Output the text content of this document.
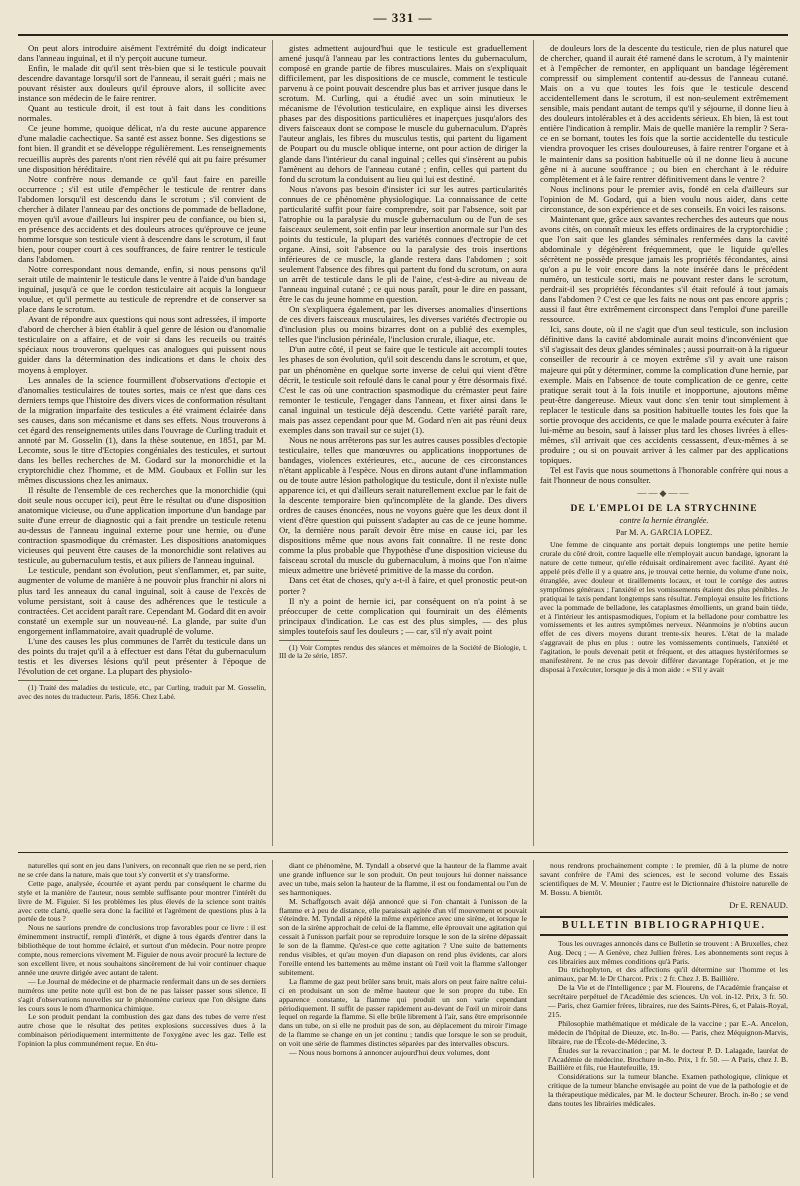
— 331 —

On peut alors introduire aisément l'extrémité du doigt indicateur dans l'anneau inguinal, et il n'y perçoit aucune tumeur.

Enfin, le malade dit qu'il sent très-bien que si le testicule pouvait descendre davantage lorsqu'il sort de l'anneau, il serait guéri ; mais ne pouvant résister aux douleurs qu'il éprouve alors, il sollicite avec instance son médecin de le faire rentrer.

Quant au testicule droit, il est tout à fait dans les conditions normales.

Ce jeune homme, quoique délicat, n'a du reste aucune apparence d'une maladie cachectique. Sa santé est assez bonne. Ses digestions se font bien. Il grandit et se développe régulièrement. Les renseignements recueillis auprès des parents n'ont rien révélé qui ait pu faire présumer une disposition héréditaire.

Notre confrère nous demande ce qu'il faut faire en pareille occurrence ; s'il est utile d'empêcher le testicule de rentrer dans l'abdomen lorsqu'il est descendu dans le scrotum ; s'il convient de chercher à dilater l'anneau par des onctions de pommade de belladone, moyen qu'il avoue d'ailleurs lui inspirer peu de confiance, ou bien si, en présence des accidents et des douleurs atroces qu'éprouve ce jeune homme lorsque son testicule vient à descendre dans le scrotum, il faut bien, pour couper court à ces souffrances, de faire rentrer le testicule dans l'abdomen.

Notre correspondant nous demande, enfin, si nous pensons qu'il serait utile de maintenir le testicule dans le ventre à l'aide d'un bandage inguinal, jusqu'à ce que le cordon testiculaire ait acquis la longueur voulue, et qu'il permette au testicule de reprendre et de conserver sa place dans le scrotum.

Avant de répondre aux questions qui nous sont adressées, il importe d'abord de chercher à bien établir à quel genre de lésion ou d'anomalie testiculaire on a affaire, et de voir si dans les recueils ou traités spéciaux nous trouverons quelques cas analogues qui puissent nous guider dans la détermination des indications et dans le choix des moyens à employer.

Les annales de la science fourmillent d'observations d'ectopie et d'anomalies testiculaires de toutes sortes, mais ce n'est que dans ces derniers temps que l'histoire des divers vices de conformation résultant de la migration imparfaite des testicules a été vraiment éclairée dans ses causes, dans son mécanisme et dans ses effets. Nous trouverons à cet égard des renseignements utiles dans l'ouvrage de Curling traduit et annoté par M. Gosselin (1), dans la thèse soutenue, en 1851, par M. Lecomte, sous le titre d'Ectopies congéniales des testicules, et surtout dans les belles recherches de M. Godard sur la monorchidie et la cryptorchidie chez l'homme, et de MM. Goubaux et Follin sur les mêmes discussions chez les animaux.

Il résulte de l'ensemble de ces recherches que la monorchidie (qui doit seule nous occuper ici), peut être le résultat ou d'une disposition anatomique vicieuse, ou d'une application importune d'un bandage par suite d'une erreur de diagnostic qui a fait prendre un testicule retenu au-dessus de l'anneau inguinal externe pour une hernie, ou d'une contraction spasmodique du crémaster. Les dispositions anatomiques vicieuses qui peuvent être causes de la monorchidie sont relatives au testicule, au gubernaculum testis, et aux piliers de l'anneau inguinal.

Le testicule, pendant son évolution, peut s'enflammer, et, par suite, augmenter de volume de manière à ne pouvoir plus franchir ni alors ni plus tard les anneaux du canal inguinal, soit à cause de l'excès de volume persistant, soit à cause des adhérences que le testicule a contractées. Cet accident paraît rare. Cependant M. Godard dit en avoir constaté un exemple sur un nouveau-né. La glande, par suite d'un engorgement inflammatoire, avait quadruplé de volume.

L'une des causes les plus communes de l'arrêt du testicule dans un des points du trajet qu'il a à effectuer est dans l'état du gubernaculum testis et les diverses lésions qu'il peut présenter à l'époque de l'évolution de cet organe. La plupart des physiolo-

(1) Traité des maladies du testicule, etc., par Curling, traduit par M. Gosselin, avec des notes du traducteur. Paris, 1856. Chez Labé.

gistes admettent aujourd'hui que le testicule est graduellement amené jusqu'à l'anneau par les contractions lentes du gubernaculum, composé en grande partie de fibres musculaires. Mais on s'expliquait difficilement, par les dispositions de ce muscle, comment le testicule parvenu à ce point pouvait descendre plus bas et arriver jusque dans le scrotum. M. Curling, qui a étudié avec un soin minutieux le mécanisme de l'évolution testiculaire, en explique ainsi les diverses phases par des dispositions particulières et inaperçues jusqu'alors des divers faisceaux dont se compose le muscle du gubernaculum. D'après l'auteur anglais, les fibres du musculus testis, qui partent du ligament de Poupart ou du muscle oblique interne, ont pour action de diriger la glande dans l'intérieur du canal inguinal ; celles qui s'insèrent au pubis l'amènent au dehors de l'anneau cutané ; enfin, celles qui partent du fond du scrotum la conduisent au lieu qui lui est destiné.

Nous n'avons pas besoin d'insister ici sur les autres particularités connues de ce phénomène physiologique. La connaissance de cette particularité suffit pour faire comprendre, soit par l'absence, soit par l'atrophie ou la paralysie du muscle gubernaculum ou de l'un de ses faisceaux seulement, soit enfin par leur insertion anormale sur l'un des points du testicule, la plupart des variétés connues d'ectropie de cet organe. Ainsi, soit l'absence ou la paralysie des trois insertions inférieures de ce muscle, la glande restera dans l'abdomen ; soit seulement l'absence des fibres qui partent du fond du scrotum, on aura un arrêt de testicule dans le pli de l'aine, c'est-à-dire au niveau de l'anneau inguinal cutané ; ce qui nous paraît, pour le dire en passant, être le cas du jeune homme en question.

On s'expliquera également, par les diverses anomalies d'insertions de ces divers faisceaux musculaires, les diverses variétés d'ectropie ou d'inclusion plus ou moins bizarres dont on a publié des exemples, telles que l'inclusion périnéale, l'inclusion crurale, iliaque, etc.

D'un autre côté, il peut se faire que le testicule ait accompli toutes les phases de son évolution, qu'il soit descendu dans le scrotum, et que, par un phénomène en quelque sorte inverse de celui qui vient d'être décrit, le testicule soit refoulé dans le canal pour y être désormais fixé. C'est le cas où une contraction spasmodique du crémaster peut faire remonter le testicule, l'engager dans l'anneau, et fixer ainsi dans le canal inguinal un testicule déjà descendu. Cette variété paraît rare, mais pas assez cependant pour que M. Godard n'en ait pas réuni deux exemples dans son travail sur ce sujet (1).

Nous ne nous arrêterons pas sur les autres causes possibles d'ectopie testiculaire, telles que manœuvres ou applications inopportunes de bandages, violences extérieures, etc., aucune de ces circonstances n'étant applicable à l'espèce. Nous en dirons autant d'une inflammation ou de toute autre lésion pathologique du testicule, dont il n'existe nulle apparence ici, et qui d'ailleurs serait naturellement exclue par le fait de la descente temporaire bien qu'incomplète de la glande. Des divers ordres de causes énoncées, nous ne voyons guère que les deux dont il vient d'être question qui puissent s'adapter au cas de ce jeune homme. Or, la dernière nous paraît devoir être mise en cause ici, par les dispositions même que nous avons fait connaître. Il ne reste donc comme la plus probable que l'hypothèse d'une disposition vicieuse du faisceau scrotal du muscle du gubernaculum, à moins que l'on n'aime mieux admettre une brièveté primitive de la masse du cordon.

Dans cet état de choses, qu'y a-t-il à faire, et quel pronostic peut-on porter ?

Il n'y a point de hernie ici, par conséquent on n'a point à se préoccuper de cette complication qui fournirait un des éléments principaux d'indication. Le cas est des plus simples, — des plus simples toutefois sauf les douleurs ; — car, s'il n'y avait point

(1) Voir Comptes rendus des séances et mémoires de la Société de Biologie, t. III de la 2e série, 1857.

de douleurs lors de la descente du testicule, rien de plus naturel que de chercher, quand il aurait été ramené dans le scrotum, à l'y maintenir et à l'empêcher de remonter, en appliquant un bandage légèrement compressif ou simplement contentif au-dessus de l'anneau cutané. Mais on a vu que toutes les fois que le testicule descend accidentellement dans le scrotum, il est non-seulement extrêmement sensible, mais pendant autant de temps qu'il y séjourne, il donne lieu à des douleurs intolérables et à des accidents sérieux. Eh bien, là est tout entière l'indication à remplir. Mais de quelle manière la remplir ? Sera-ce en se bornant, toutes les fois que la sortie accidentelle du testicule viendra provoquer les crises douloureuses, à faire rentrer l'organe et à le maintenir dans sa position habituelle où il ne donne lieu à aucune gêne ni à aucune souffrance ; ou bien en cherchant à le réduire complètement et à le faire rentrer définitivement dans le ventre ?

Nous inclinons pour le premier avis, fondé en cela d'ailleurs sur l'opinion de M. Godard, qui a bien voulu nous aider, dans cette circonstance, de son expérience et de ses conseils. En voici les raisons.

Maintenant que, grâce aux savantes recherches des auteurs que nous avons cités, on connaît mieux les effets ordinaires de la cryptorchidie ; que l'on sait que les glandes séminales renfermées dans la cavité abdominale y dégénèrent fréquemment, que le liquide qu'elles sécrètent ne possède presque jamais les propriétés fécondantes, ainsi qu'on a pu le voir encore dans la note insérée dans le précédent numéro, un testicule sorti, mais ne pouvant rester dans le scrotum, perdrait-il ses propriétés fécondantes s'il était refoulé à tout jamais dans l'abdomen ? C'est ce que les faits ne nous ont pas encore appris ; aussi il faut être extrêmement circonspect dans l'emploi d'une pareille ressource.

Ici, sans doute, où il ne s'agit que d'un seul testicule, son inclusion définitive dans la cavité abdominale aurait moins d'inconvénient que s'il s'agissait des deux glandes séminales ; aussi pourrait-on à la rigueur conseiller de recourir à ce moyen extrême s'il y avait une raison majeure qui pût y déterminer, comme la complication d'une hernie, par exemple. Mais en l'absence de toute complication de ce genre, cette pratique serait tout à la fois inutile et inopportune, ajoutons même peut-être dangereuse. Mieux vaut donc s'en tenir tout simplement à replacer le testicule dans sa position habituelle toutes les fois que la sortie provoque des accidents, ce que le malade pourra exécuter à faire lui-même au besoin, sauf à laisser plus tard les choses livrées à elles-mêmes, s'il arrivait que ces accidents cessassent, d'eux-mêmes à se produire ; ou si on pouvait arriver à les calmer par des applications topiques.

Tel est l'avis que nous soumettons à l'honorable confrère qui nous a fait l'honneur de nous consulter.

——◆——
DE L'EMPLOI DE LA STRYCHNINE
contre la hernie étranglée.
Par M. A. GARCIA LOPEZ.

Une femme de cinquante ans portait depuis longtemps une petite hernie crurale du côté droit, contre laquelle elle n'employait aucun bandage, ignorant la nature de cette tumeur, qu'elle réduisait ordinairement avec facilité. Ayant été appelé près d'elle il y a quatre ans, je trouvai cette hernie, du volume d'une noix, étranglée, avec douleur et tiraillements locaux, et tout le cortège des autres symptômes généraux ; l'anxiété et les vomissements étaient des plus pénibles. Je pratiquai le taxis pendant longtemps sans résultat. J'employai ensuite les frictions avec la pommade de belladone, les cataplasmes émollients, un grand bain tiède, et à l'intérieur les antispasmodiques, l'opium et la belladone pour combattre les vomissements et les autres symptômes nerveux. Néanmoins je n'obtins aucun effet de ces divers moyens durant trente-six heures. L'état de la malade s'aggravait de plus en plus : outre les vomissements continuels, l'anxiété et l'agitation, le pouls devenait petit et fréquent, et des attaques hystériformes se manifestèrent. Je ne crus pas devoir différer davantage l'opération, et je me disposai à l'exécuter, lorsque je dis à mon aide : « S'il y avait

naturelles qui sont en jeu dans l'univers, on reconnaît que rien ne se perd, rien ne se crée dans la nature, mais que tout s'y convertit et s'y transforme.

Cette page, analysée, écourtée et ayant perdu par conséquent le charme du style et la manière de l'auteur, nous semble suffisante pour montrer l'intérêt du livre de M. Figuier. Si les problèmes les plus élevés de la science sont traités avec cette clarté, quelle sera donc la facilité et l'agrément de questions plus à la portée de tous ?

Nous ne saurions prendre de conclusions trop favorables pour ce livre : il est éminemment instructif, rempli d'intérêt, et digne à tous égards d'entrer dans la bibliothèque de tout homme éclairé, et surtout d'un médecin. Pour notre propre compte, nous remercions vivement M. Figuier de nous avoir procuré la lecture de son excellent livre, et nous souhaitons sincèrement de lui voir continuer chaque année une œuvre dirigée avec autant de talent.

— Le Journal de médecine et de pharmacie renfermait dans un de ses derniers numéros une petite note qu'il est bon de ne pas laisser passer sous silence. Il s'agit d'observations nouvelles sur le phénomène curieux que l'on désigne dans les cours sous le nom d'harmonica chimique.

Le son produit pendant la combustion des gaz dans des tubes de verre n'est autre chose que le résultat des petites explosions successives dues à la combinaison périodiquement intermittente de l'oxygène avec les gaz. Telle est l'opinion la plus communément reçue. En étu-

diant ce phénomène, M. Tyndall a observé que la hauteur de la flamme avait une grande influence sur le son produit. On peut toujours lui donner naissance avec un tube, mais selon la hauteur de la flamme, il est ou fondamental ou l'un de ses harmoniques.

M. Schaffgotsch avait déjà annoncé que si l'on chantait à l'unisson de la flamme et à peu de distance, elle paraissait agitée d'un vif mouvement et pouvait s'éteindre. M. Tyndall a répété la même expérience avec une sirène, et lorsque le son de la sirène approchait de celui de la flamme, elle éprouvait une agitation qui cessait à l'unisson parfait pour se reproduire lorsque le son de la sirène dépassait le son de la flamme. Qu'est-ce que cette agitation ? Une suite de battements rendus visibles, et qu'au moyen d'un diapason on rend plus évidents, car alors l'oreille entend les battements au même instant où l'œil voit la flamme s'allonger subitement.

La flamme de gaz peut brûler sans bruit, mais alors on peut faire naître celui-ci en produisant un son de même hauteur que le son propre du tube. En apparence constante, la flamme qui produit un son varie cependant périodiquement. Il suffit de passer rapidement au-devant de l'œil un miroir dans lequel on regarde la flamme. Si elle brûle librement à l'air, sans être emprisonnée dans un tube, on si elle ne produit pas de son, au déplacement du miroir l'image de la flamme se change en un jet continu ; tandis que lorsque le son se produit, on voit une série de flammes distinctes séparées par des intervalles obscurs.

— Nous nous bornons à annoncer aujourd'hui deux volumes, dont

nous rendrons prochainement compte : le premier, dû à la plume de notre savant confrère de l'Ami des sciences, est le second volume des Essais scientifiques de M. V. Meunier ; l'autre est le Dictionnaire d'histoire naturelle de M. Bossu. A bientôt.

Dr E. RENAUD.
BULLETIN BIBLIOGRAPHIQUE.

Tous les ouvrages annoncés dans ce Bulletin se trouvent : A Bruxelles, chez Aug. Decq ; — A Genève, chez Jullien frères. Les abonnements sont reçus à ces librairies aux mêmes conditions qu'à Paris.

Du trichophyton, et des affections qu'il détermine sur l'homme et les animaux, par M. le Dr Charcot. Prix : 2 fr. Chez J. B. Baillière.

De la Vie et de l'Intelligence ; par M. Flourens, de l'Académie française et secrétaire perpétuel de l'Académie des sciences. Un vol. in-12. Prix, 3 fr. 50. — Paris, chez Garnier frères, libraires, rue des Saints-Pères, 6, et Palais-Royal, 215.

Philosophie mathématique et médicale de la vaccine ; par E.-A. Ancelon, médecin de l'hôpital de Dieuze, etc. In-8o. — Paris, chez Méquignon-Marvis, libraire, rue de l'École-de-Médecine, 3.

Études sur la revaccination ; par M. le docteur P. D. Lalagade, lauréat de l'Académie de médecine. Brochure in-8o. Prix, 1 fr. 50. — A Paris, chez J. B. Baillière et fils, rue Hautefeuille, 19.

Considérations sur la tumeur blanche. Examen pathologique, clinique et critique de la tumeur blanche envisagée au point de vue de la pathologie et de la thérapeutique médicales, par M. le docteur Scheurer. Broch. in-8o ; se vend dans toutes les librairies médicales.
